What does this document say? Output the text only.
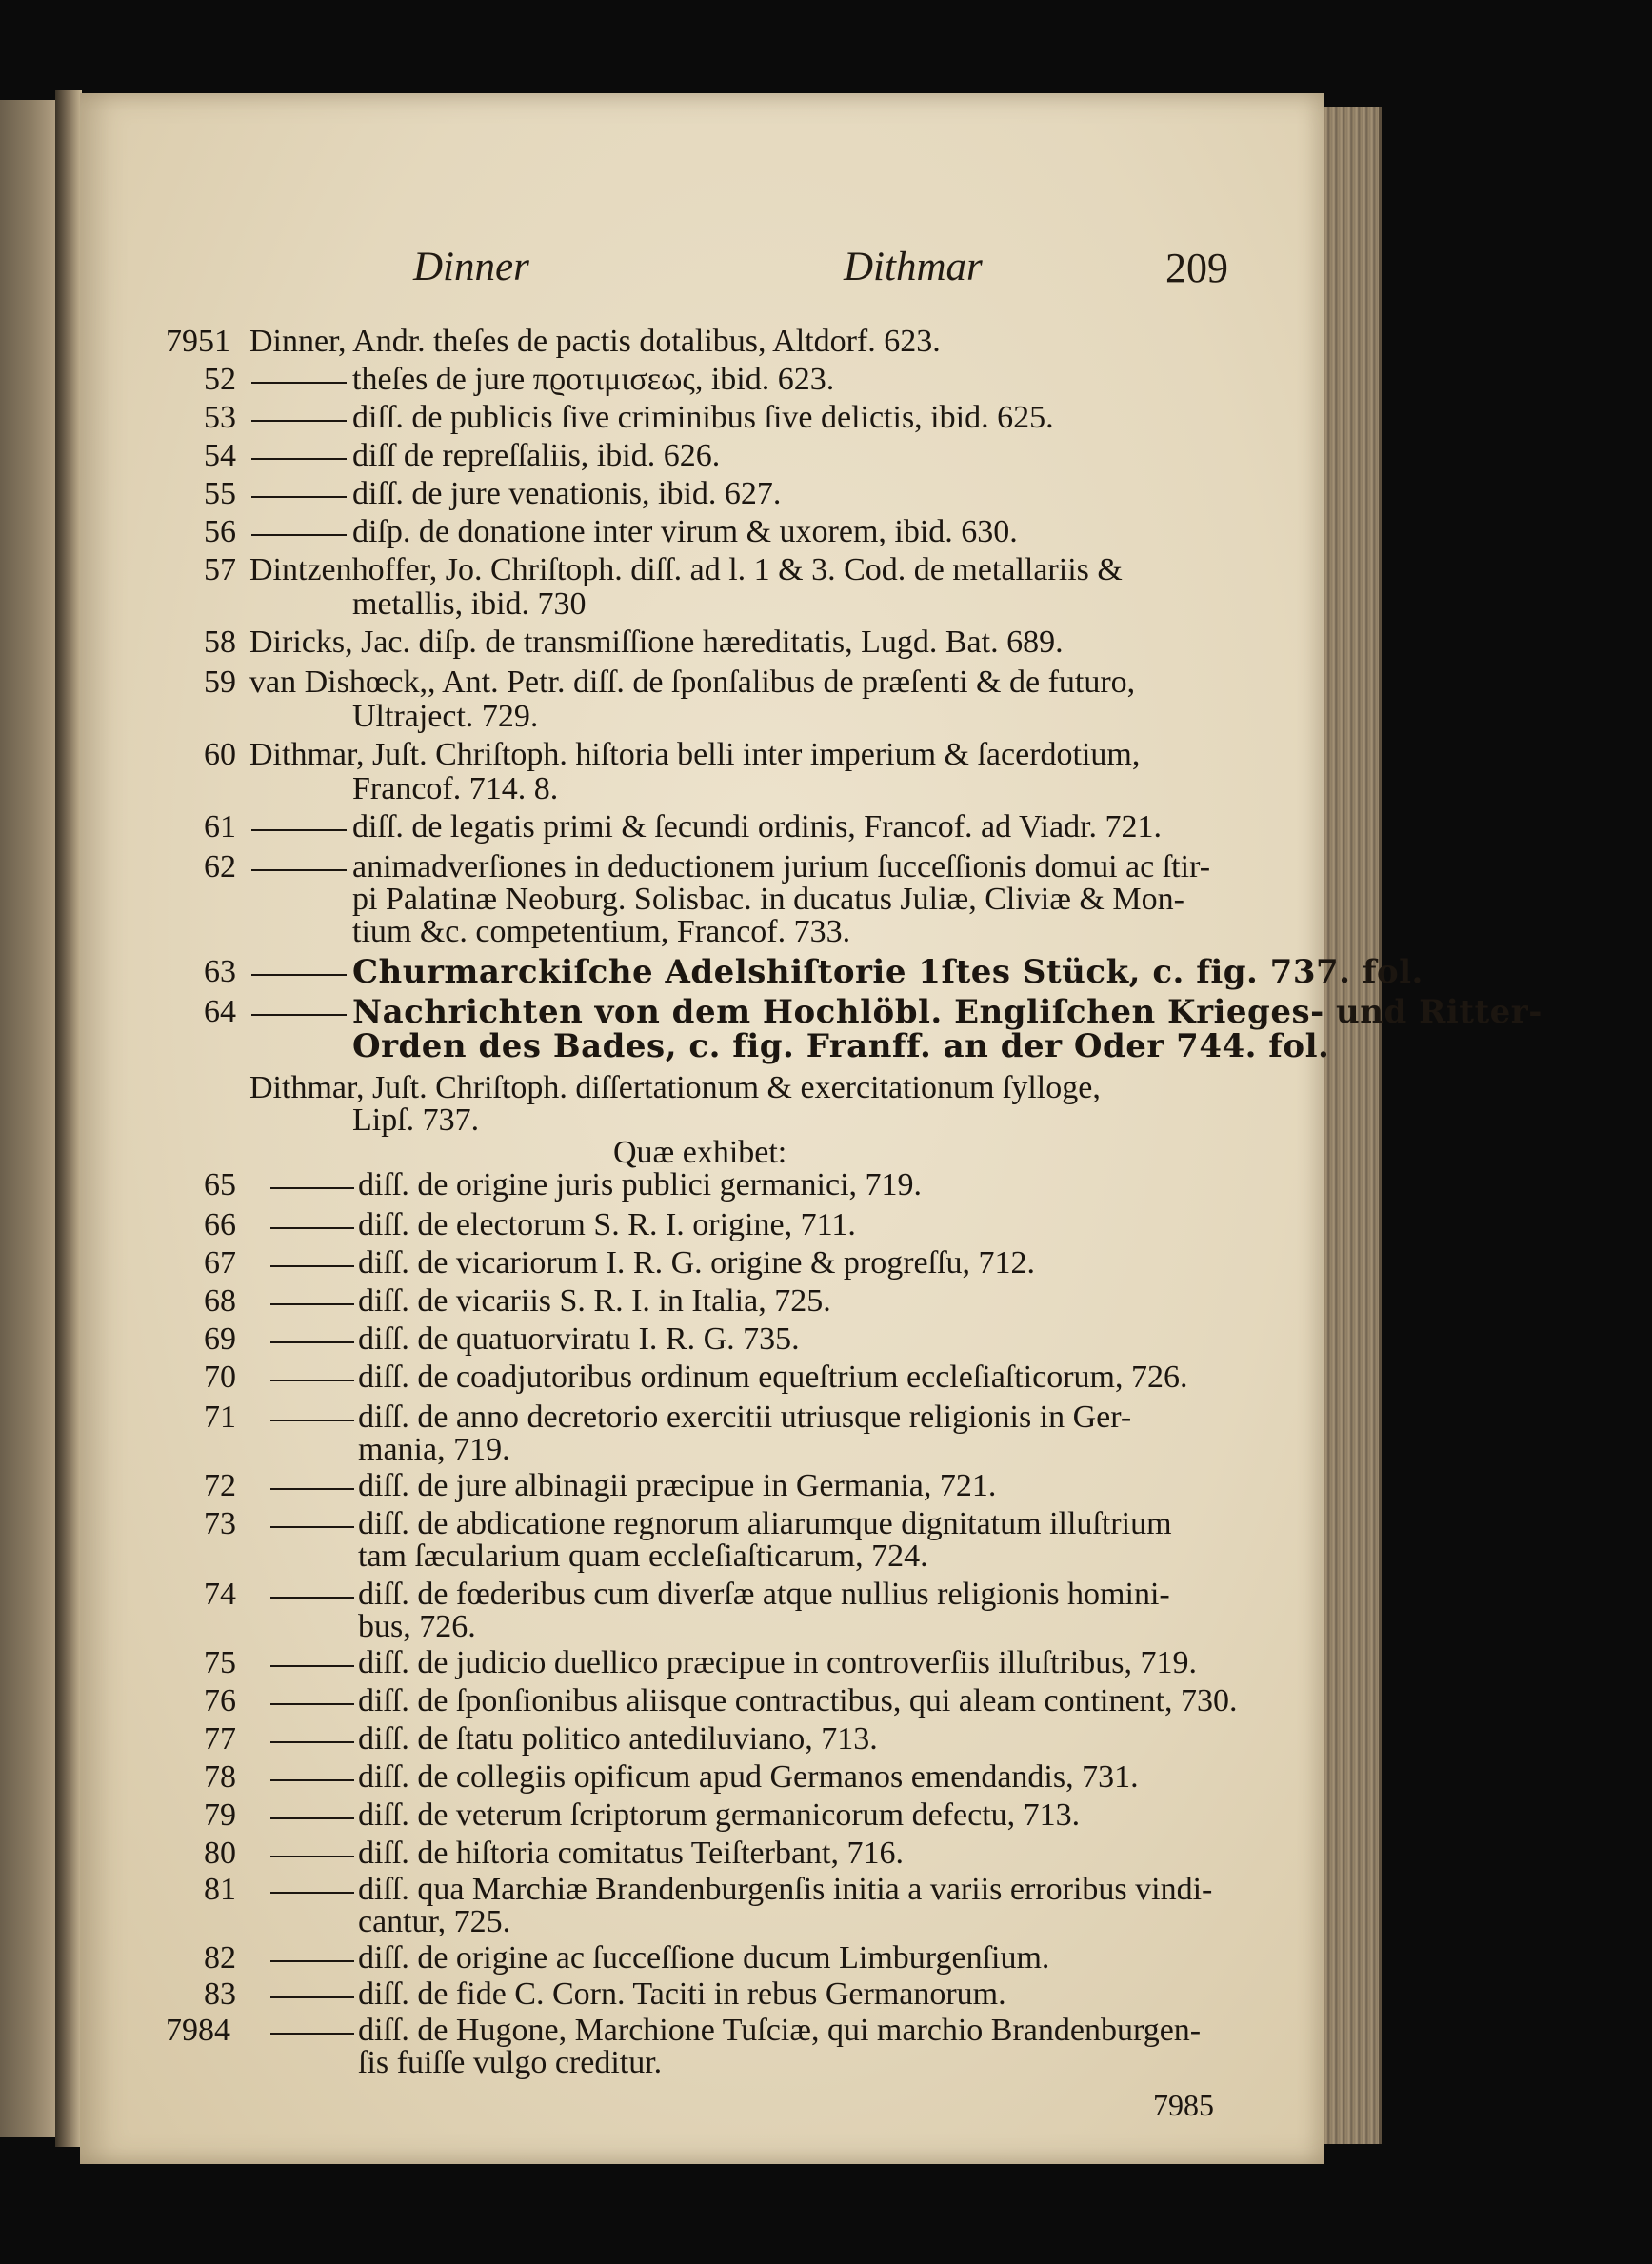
Dinner	Dithmar	209
7951 Dinner, Andr. theſes de pactis dotalibus, Altdorf. 623.
52	theſes de jure πϱοτιμισεως, ibid. 623.
53	diſſ. de publicis ſive criminibus ſive delictis, ibid. 625.
54	diſſ de repreſſaliis, ibid. 626.
55	diſſ. de jure venationis, ibid. 627.
56	diſp. de donatione inter virum & uxorem, ibid. 630.
57 Dintzenhoffer, Jo. Chriſtoph. diſſ. ad l. 1 & 3. Cod. de metallariis &
metallis, ibid. 730
58 Diricks, Jac. diſp. de transmiſſione hæreditatis, Lugd. Bat. 689.
59 van Dishœck,, Ant. Petr. diſſ. de ſponſalibus de præſenti & de futuro,
Ultraject. 729.
60 Dithmar, Juſt. Chriſtoph. hiſtoria belli inter imperium & ſacerdotium,
Francof. 714. 8.
61	diſſ. de legatis primi & ſecundi ordinis, Francof. ad Viadr. 721.
62	animadverſiones in deductionem jurium ſucceſſionis domui ac ſtir-
pi Palatinæ Neoburg. Solisbac. in ducatus Juliæ, Cliviæ & Mon-
tium &c. competentium, Francof. 733.
63	Churmarckiſche Adelshiſtorie 1ſtes Stück, c. fig. 737. fol.
64	Nachrichten von dem Hochlöbl. Engliſchen Krieges- und Ritter-
Orden des Bades, c. fig. Franff. an der Oder 744. fol.
Dithmar, Juſt. Chriſtoph. diſſertationum & exercitationum ſylloge,
Lipſ. 737.
Quæ exhibet:
65	diſſ. de origine juris publici germanici, 719.
66	diſſ. de electorum S. R. I. origine, 711.
67	diſſ. de vicariorum I. R. G. origine & progreſſu, 712.
68	diſſ. de vicariis S. R. I. in Italia, 725.
69	diſſ. de quatuorviratu I. R. G. 735.
70	diſſ. de coadjutoribus ordinum equeſtrium eccleſiaſticorum, 726.
71	diſſ. de anno decretorio exercitii utriusque religionis in Ger-
mania, 719.
72	diſſ. de jure albinagii præcipue in Germania, 721.
73	diſſ. de abdicatione regnorum aliarumque dignitatum illuſtrium
tam ſæcularium quam eccleſiaſticarum, 724.
74	diſſ. de fœderibus cum diverſæ atque nullius religionis homini-
bus, 726.
75	diſſ. de judicio duellico præcipue in controverſiis illuſtribus, 719.
76	diſſ. de ſponſionibus aliisque contractibus, qui aleam continent, 730.
77	diſſ. de ſtatu politico antediluviano, 713.
78	diſſ. de collegiis opificum apud Germanos emendandis, 731.
79	diſſ. de veterum ſcriptorum germanicorum defectu, 713.
80	diſſ. de hiſtoria comitatus Teiſterbant, 716.
81	diſſ. qua Marchiæ Brandenburgenſis initia a variis erroribus vindi-
cantur, 725.
82	diſſ. de origine ac ſucceſſione ducum Limburgenſium.
83	diſſ. de fide C. Corn. Taciti in rebus Germanorum.
7984	diſſ. de Hugone, Marchione Tuſciæ, qui marchio Brandenburgen-
ſis fuiſſe vulgo creditur.
7985
